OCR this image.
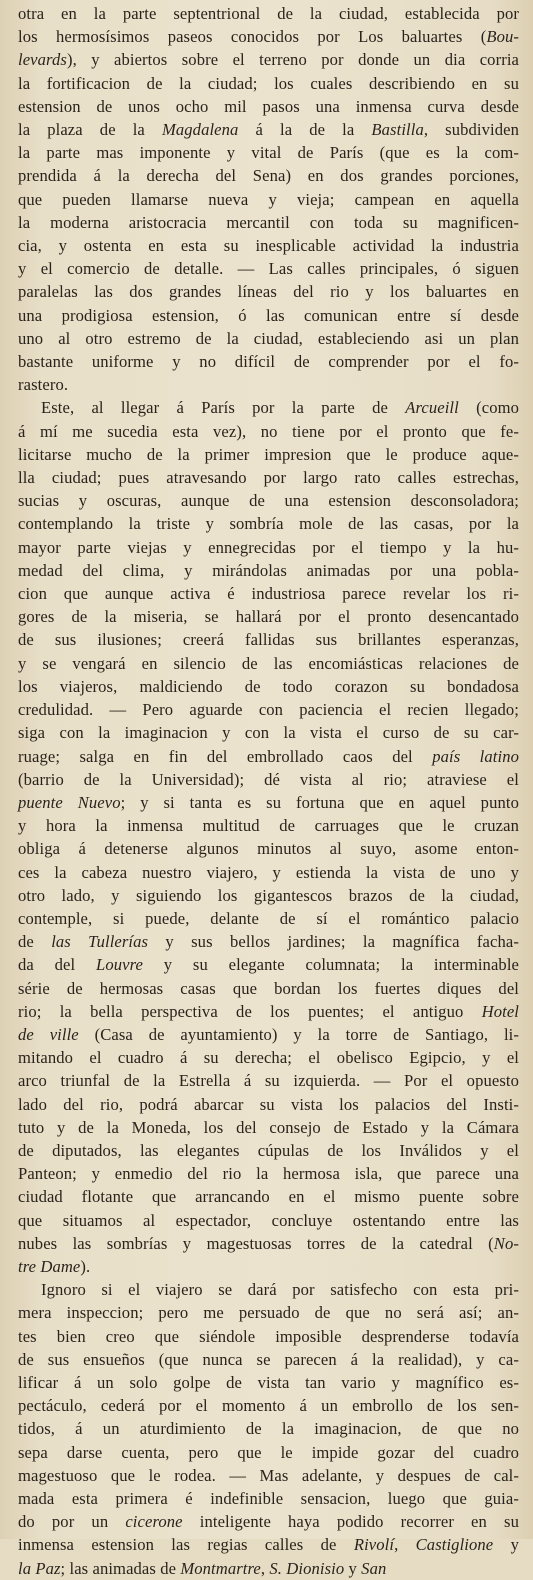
otra en la parte septentrional de la ciudad, establecida por
los hermosísimos paseos conocidos por Los baluartes (Bou-
levards), y abiertos sobre el terreno por donde un dia corria
la fortificacion de la ciudad; los cuales describiendo en su
estension de unos ocho mil pasos una inmensa curva desde
la plaza de la Magdalena á la de la Bastilla, subdividen
la parte mas imponente y vital de París (que es la com-
prendida á la derecha del Sena) en dos grandes porciones,
que pueden llamarse nueva y vieja; campean en aquella
la moderna aristocracia mercantil con toda su magnificen-
cia, y ostenta en esta su inesplicable actividad la industria
y el comercio de detalle. — Las calles principales, ó siguen
paralelas las dos grandes líneas del rio y los baluartes en
una prodigiosa estension, ó las comunican entre sí desde
uno al otro estremo de la ciudad, estableciendo asi un plan
bastante uniforme y no difícil de comprender por el fo-
rastero.

Este, al llegar á París por la parte de Arcueill (como
á mí me sucedia esta vez), no tiene por el pronto que fe-
licitarse mucho de la primer impresion que le produce aque-
lla ciudad; pues atravesando por largo rato calles estrechas,
sucias y oscuras, aunque de una estension desconsoladora;
contemplando la triste y sombría mole de las casas, por la
mayor parte viejas y ennegrecidas por el tiempo y la hu-
medad del clima, y mirándolas animadas por una pobla-
cion que aunque activa é industriosa parece revelar los ri-
gores de la miseria, se hallará por el pronto desencantado
de sus ilusiones; creerá fallidas sus brillantes esperanzas,
y se vengará en silencio de las encomiásticas relaciones de
los viajeros, maldiciendo de todo corazon su bondadosa
credulidad. — Pero aguarde con paciencia el recien llegado;
siga con la imaginacion y con la vista el curso de su car-
ruage; salga en fin del embrollado caos del país latino
(barrio de la Universidad); dé vista al rio; atraviese el
puente Nuevo; y si tanta es su fortuna que en aquel punto
y hora la inmensa multitud de carruages que le cruzan
obliga á detenerse algunos minutos al suyo, asome enton-
ces la cabeza nuestro viajero, y estienda la vista de uno y
otro lado, y siguiendo los gigantescos brazos de la ciudad,
contemple, si puede, delante de sí el romántico palacio
de las Tullerías y sus bellos jardines; la magnífica facha-
da del Louvre y su elegante columnata; la interminable
série de hermosas casas que bordan los fuertes diques del
rio; la bella perspectiva de los puentes; el antiguo Hotel
de ville (Casa de ayuntamiento) y la torre de Santiago, li-
mitando el cuadro á su derecha; el obelisco Egipcio, y el
arco triunfal de la Estrella á su izquierda. — Por el opuesto
lado del rio, podrá abarcar su vista los palacios del Insti-
tuto y de la Moneda, los del consejo de Estado y la Cámara
de diputados, las elegantes cúpulas de los Inválidos y el
Panteon; y enmedio del rio la hermosa isla, que parece una
ciudad flotante que arrancando en el mismo puente sobre
que situamos al espectador, concluye ostentando entre las
nubes las sombrías y magestuosas torres de la catedral (No-
tre Dame).

Ignoro si el viajero se dará por satisfecho con esta pri-
mera inspeccion; pero me persuado de que no será así; an-
tes bien creo que siéndole imposible desprenderse todavía
de sus ensueños (que nunca se parecen á la realidad), y ca-
lificar á un solo golpe de vista tan vario y magnífico es-
pectáculo, cederá por el momento á un embrollo de los sen-
tidos, á un aturdimiento de la imaginacion, de que no
sepa darse cuenta, pero que le impide gozar del cuadro
magestuoso que le rodea. — Mas adelante, y despues de cal-
mada esta primera é indefinible sensacion, luego que guia-
do por un cicerone inteligente haya podido recorrer en su
inmensa estension las regias calles de Rivolí, Castiglione y
la Paz; las animadas de Montmartre, S. Dionisio y San
